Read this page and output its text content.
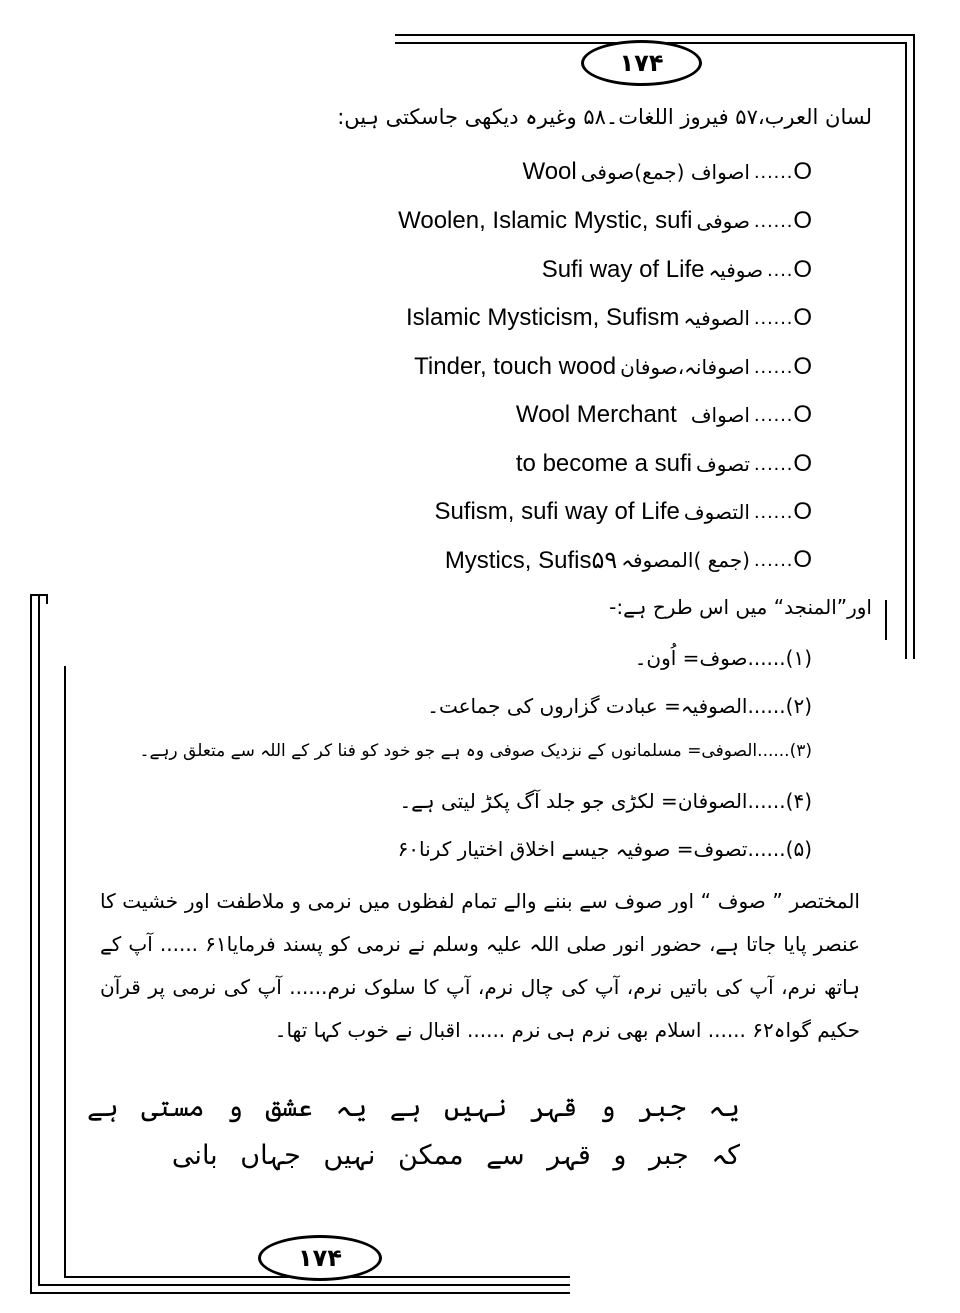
۱۷۴
۱۷۴
لسان العرب،۵۷ فیروز اللغات۔۵۸ وغیرہ دیکھی جاسکتی ہیں:
O
......
اصواف (جمع)صوفی
Wool
O
......
صوفی
Woolen, Islamic Mystic, sufi
O
....
صوفیہ
Sufi way of Life
O
......
الصوفیہ
Islamic Mysticism, Sufism
O
......
اصوفانہ،صوفان
Tinder, touch wood
O
......
اصواف
Wool Merchant
O
......
تصوف
to become a sufi
O
......
التصوف
Sufism, sufi way of Life
O
......
(جمع )المصوفہ
Mystics, Sufis۵۹
اور”المنجد“ میں اس طرح ہے:-
(۱)......صوف= اُون۔
(۲)......الصوفیہ= عبادت گزاروں کی جماعت۔
(۳)......الصوفی= مسلمانوں کے نزدیک صوفی وہ ہے جو خود کو فنا کر کے اللہ سے متعلق رہے۔
(۴)......الصوفان= لکڑی جو جلد آگ پکڑ لیتی ہے۔
(۵)......تصوف= صوفیہ جیسے اخلاق اختیار کرنا۶۰
المختصر ” صوف “ اور صوف سے بننے والے تمام لفظوں میں نرمی و ملاطفت اور خشیت کا عنصر پایا جاتا ہے، حضور انور صلی اللہ علیہ وسلم نے نرمی کو پسند فرمایا۶۱ ...... آپ کے ہاتھ نرم، آپ کی باتیں نرم، آپ کی چال نرم، آپ کا سلوک نرم...... آپ کی نرمی پر قرآن حکیم گواہ۶۲ ...... اسلام بھی نرم ہی نرم ...... اقبال نے خوب کہا تھا۔
یہ جبر و قہر نہیں ہے یہ عشق و مستی ہے
کہ جبر و قہر سے ممکن نہیں جہاں بانی
